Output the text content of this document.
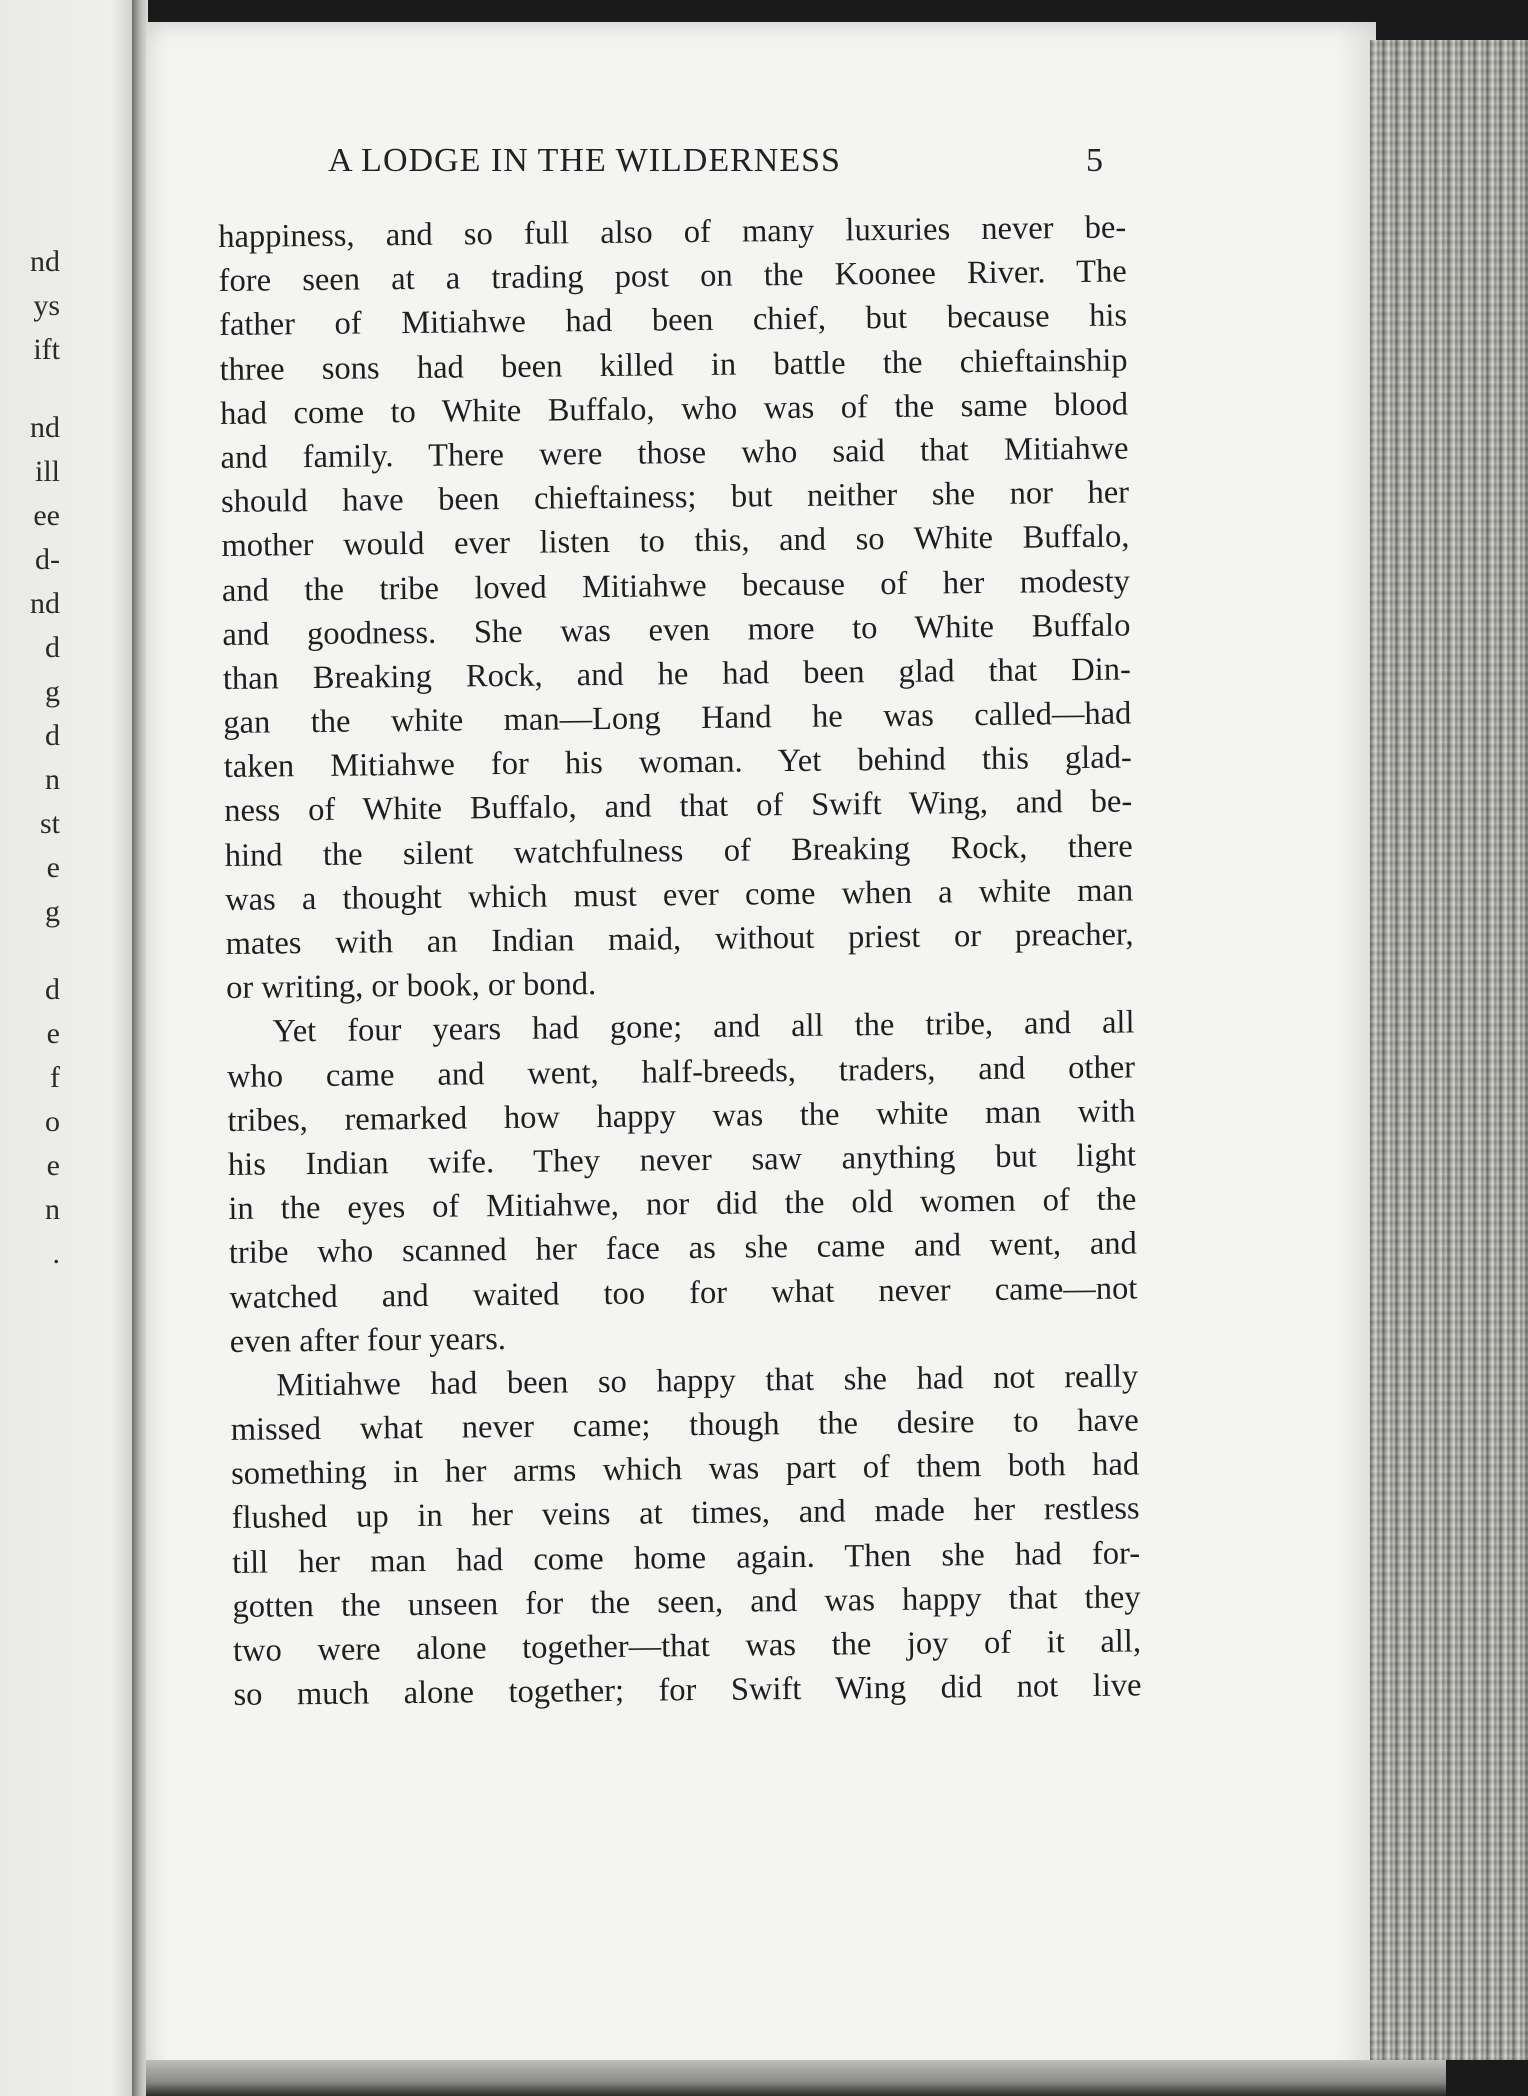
nd
ys
ift
nd
ill
ee
d-
nd
d
g
d
n
st
e
g
d
e
f
o
e
n
.
A LODGE IN THE WILDERNESS	5
happiness, and so full also of many luxuries never be-
fore seen at a trading post on the Koonee River. The
father of Mitiahwe had been chief, but because his
three sons had been killed in battle the chieftainship
had come to White Buffalo, who was of the same blood
and family. There were those who said that Mitiahwe
should have been chieftainess; but neither she nor her
mother would ever listen to this, and so White Buffalo,
and the tribe loved Mitiahwe because of her modesty
and goodness. She was even more to White Buffalo
than Breaking Rock, and he had been glad that Din-
gan the white man—Long Hand he was called—had
taken Mitiahwe for his woman. Yet behind this glad-
ness of White Buffalo, and that of Swift Wing, and be-
hind the silent watchfulness of Breaking Rock, there
was a thought which must ever come when a white man
mates with an Indian maid, without priest or preacher,
or writing, or book, or bond.
Yet four years had gone; and all the tribe, and all
who came and went, half-breeds, traders, and other
tribes, remarked how happy was the white man with
his Indian wife. They never saw anything but light
in the eyes of Mitiahwe, nor did the old women of the
tribe who scanned her face as she came and went, and
watched and waited too for what never came—not
even after four years.
Mitiahwe had been so happy that she had not really
missed what never came; though the desire to have
something in her arms which was part of them both had
flushed up in her veins at times, and made her restless
till her man had come home again. Then she had for-
gotten the unseen for the seen, and was happy that they
two were alone together—that was the joy of it all,
so much alone together; for Swift Wing did not live
